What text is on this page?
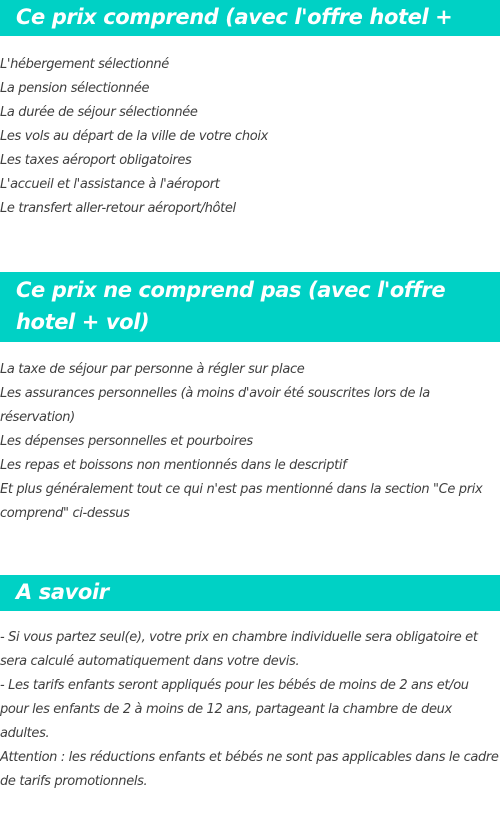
Ce prix comprend (avec l'offre hotel + vol)
L'hébergement sélectionné
La pension sélectionnée
La durée de séjour sélectionnée
Les vols au départ de la ville de votre choix
Les taxes aéroport obligatoires
L'accueil et l'assistance à l'aéroport
Le transfert aller-retour aéroport/hôtel
Ce prix ne comprend pas (avec l'offre hotel + vol)
La taxe de séjour par personne à régler sur place
Les assurances personnelles (à moins d'avoir été souscrites lors de la réservation)
Les dépenses personnelles et pourboires
Les repas et boissons non mentionnés dans le descriptif
Et plus généralement tout ce qui n'est pas mentionné dans la section "Ce prix comprend" ci-dessus
A savoir
- Si vous partez seul(e), votre prix en chambre individuelle sera obligatoire et sera calculé automatiquement dans votre devis.
- Les tarifs enfants seront appliqués pour les bébés de moins de 2 ans et/ou pour les enfants de 2 à moins de 12 ans, partageant la chambre de deux adultes.
Attention : les réductions enfants et bébés ne sont pas applicables dans le cadre de tarifs promotionnels.
